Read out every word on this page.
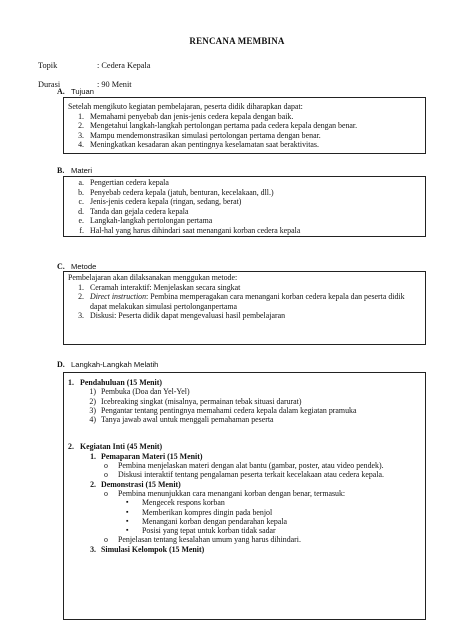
RENCANA MEMBINA
Topik	: Cedera Kepala
Durasi	: 90 Menit
A. Tujuan
Setelah mengikuto kegiatan pembelajaran, peserta didik diharapkan dapat:
1. Memahami penyebab dan jenis-jenis cedera kepala dengan baik.
2. Mengetahui langkah-langkah pertolongan pertama pada cedera kepala dengan benar.
3. Mampu mendemonstrasikan simulasi pertolongan pertama dengan benar.
4. Meningkatkan kesadaran akan pentingnya keselamatan saat beraktivitas.
B. Materi
a. Pengertian cedera kepala
b. Penyebab cedera kepala (jatuh, benturan, kecelakaan, dll.)
c. Jenis-jenis cedera kepala (ringan, sedang, berat)
d. Tanda dan gejala cedera kepala
e. Langkah-langkah pertolongan pertama
f. Hal-hal yang harus dihindari saat menangani korban cedera kepala
C. Metode
Pembelajaran akan dilaksanakan menggukan metode:
1. Ceramah interaktif: Menjelaskan secara singkat
2. Direct instruction: Pembina memperagakan cara menangani korban cedera kepala dan peserta didik dapat melakukan simulasi pertolonganpertama
3. Diskusi: Peserta didik dapat mengevaluasi hasil pembelajaran
D. Langkah-Langkah Melatih
1. Pendahuluan (15 Menit)
1) Pembuka (Doa dan Yel-Yel)
2) Icebreaking singkat (misalnya, permainan tebak situasi darurat)
3) Pengantar tentang pentingnya memahami cedera kepala dalam kegiatan pramuka
4) Tanya jawab awal untuk menggali pemahaman peserta
2. Kegiatan Inti (45 Menit)
1. Pemaparan Materi (15 Menit)
o	Pembina menjelaskan materi dengan alat bantu (gambar, poster, atau video pendek).
o	Diskusi interaktif tentang pengalaman peserta terkait kecelakaan atau cedera kepala.
2. Demonstrasi (15 Menit)
o	Pembina menunjukkan cara menangani korban dengan benar, termasuk:
▪	Mengecek respons korban
▪	Memberikan kompres dingin pada benjol
▪	Menangani korban dengan pendarahan kepala
▪	Posisi yang tepat untuk korban tidak sadar
o	Penjelasan tentang kesalahan umum yang harus dihindari.
3. Simulasi Kelompok (15 Menit)
